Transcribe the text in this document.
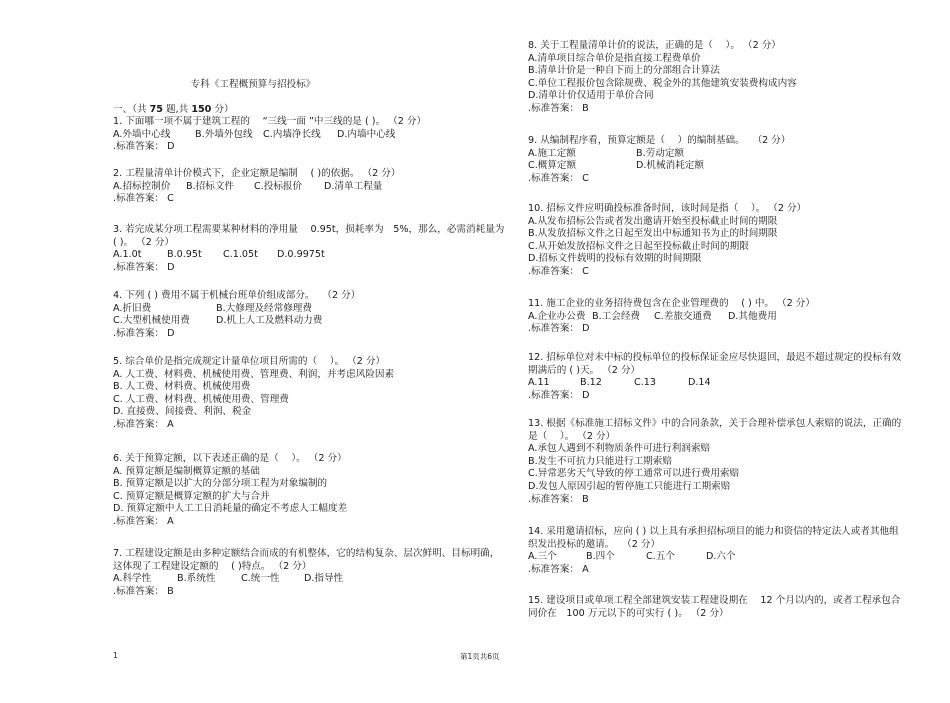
专科《工程概预算与招投标》
一、（共 75 题,共 150 分）
1. 下面哪一项不属于建筑工程的　 “三线一面 ”中三线的是 ( )。 （2 分）
A.外墙中心线	B.外墙外包线	C.内墙净长线	D.内墙中心线
.标准答案： D
2. 工程量清单计价模式下，企业定额是编制　 ( )的依据。 （2 分）
A.招标控制价	B.招标文件	C.投标报价	D.清单工程量
.标准答案： C
3. 若完成某分项工程需要某种材料的净用量　 0.95t，损耗率为　5%，那么，必需消耗量为 ( )。 （2 分）
A.1.0t	B.0.95t	C.1.05t	D.0.9975t
.标准答案： D
4. 下列 ( ) 费用不属于机械台班单价组成部分。　 （2 分）
A.折旧费	B.大修理及经常修理费
C.大型机械使用费	D.机上人工及燃料动力费
.标准答案： D
5. 综合单价是指完成规定计量单位项目所需的（　 ）。 （2 分）
A. 人工费、材料费、机械使用费、管理费、利润，并考虑风险因素
B. 人工费、材料费、机械使用费
C. 人工费、材料费、机械使用费、管理费
D. 直接费、间接费、利润、税金
.标准答案： A
6. 关于预算定额，以下表述正确的是（　 ）。 （2 分）
A. 预算定额是编制概算定额的基础
B. 预算定额是以扩大的分部分项工程为对象编制的
C. 预算定额是概算定额的扩大与合并
D. 预算定额中人工工日消耗量的确定不考虑人工幅度差
.标准答案： A
7. 工程建设定额是由多种定额结合而成的有机整体，它的结构复杂、层次鲜明、目标明确，这体现了工程建设定额的　 ( )特点。 （2 分）
A.科学性	B.系统性	C.统一性	D.指导性
.标准答案： B
8. 关于工程量清单计价的说法，正确的是（　 ）。 （2 分）
A.清单项目综合单价是指直接工程费单价
B.清单计价是一种自下而上的分部组合计算法
C.单位工程报价包含除规费、税金外的其他建筑安装费构成内容
D.清单计价仅适用于单价合同
.标准答案： B
9. 从编制程序看，预算定额是（　 ）的编制基础。　 （2 分）
A.施工定额	B.劳动定额
C.概算定额	D.机械消耗定额
.标准答案： C
10. 招标文件应明确投标准备时间，该时间是指（　 ）。 （2 分）
A.从发布招标公告或者发出邀请开始至投标截止时间的期限
B.从发放招标文件之日起至发出中标通知书为止的时间期限
C.从开始发放招标文件之日起至投标截止时间的期限
D.招标文件载明的投标有效期的时间期限
.标准答案： C
11. 施工企业的业务招待费包含在企业管理费的　 ( ) 中。 （2 分）
A.企业办公费 B.工会经费	C.差旅交通费	D.其他费用
.标准答案： D
12. 招标单位对未中标的投标单位的投标保证金应尽快退回，最迟不超过规定的投标有效期满后的 ( )天。 （2 分）
A.11	B.12	C.13	D.14
.标准答案： D
13. 根据《标准施工招标文件》中的合同条款，关于合理补偿承包人索赔的说法，正确的是（　 ）。 （2 分）
A.承包人遇到不利物质条件可进行利润索赔
B.发生不可抗力只能进行工期索赔
C.异常恶劣天气导致的停工通常可以进行费用索赔
D.发包人原因引起的暂停施工只能进行工期索赔
.标准答案： B
14. 采用邀请招标，应向 ( ) 以上具有承担招标项目的能力和资信的特定法人或者其他组织发出投标的邀请。　 （2 分）
A.三个	B.四个	C.五个	D.六个
.标准答案： A
15. 建设项目或单项工程全部建筑安装工程建设期在　 12 个月以内的，或者工程承包合同价在　100 万元以下的可实行 ( )。 （2 分）
1	第1页共6页
